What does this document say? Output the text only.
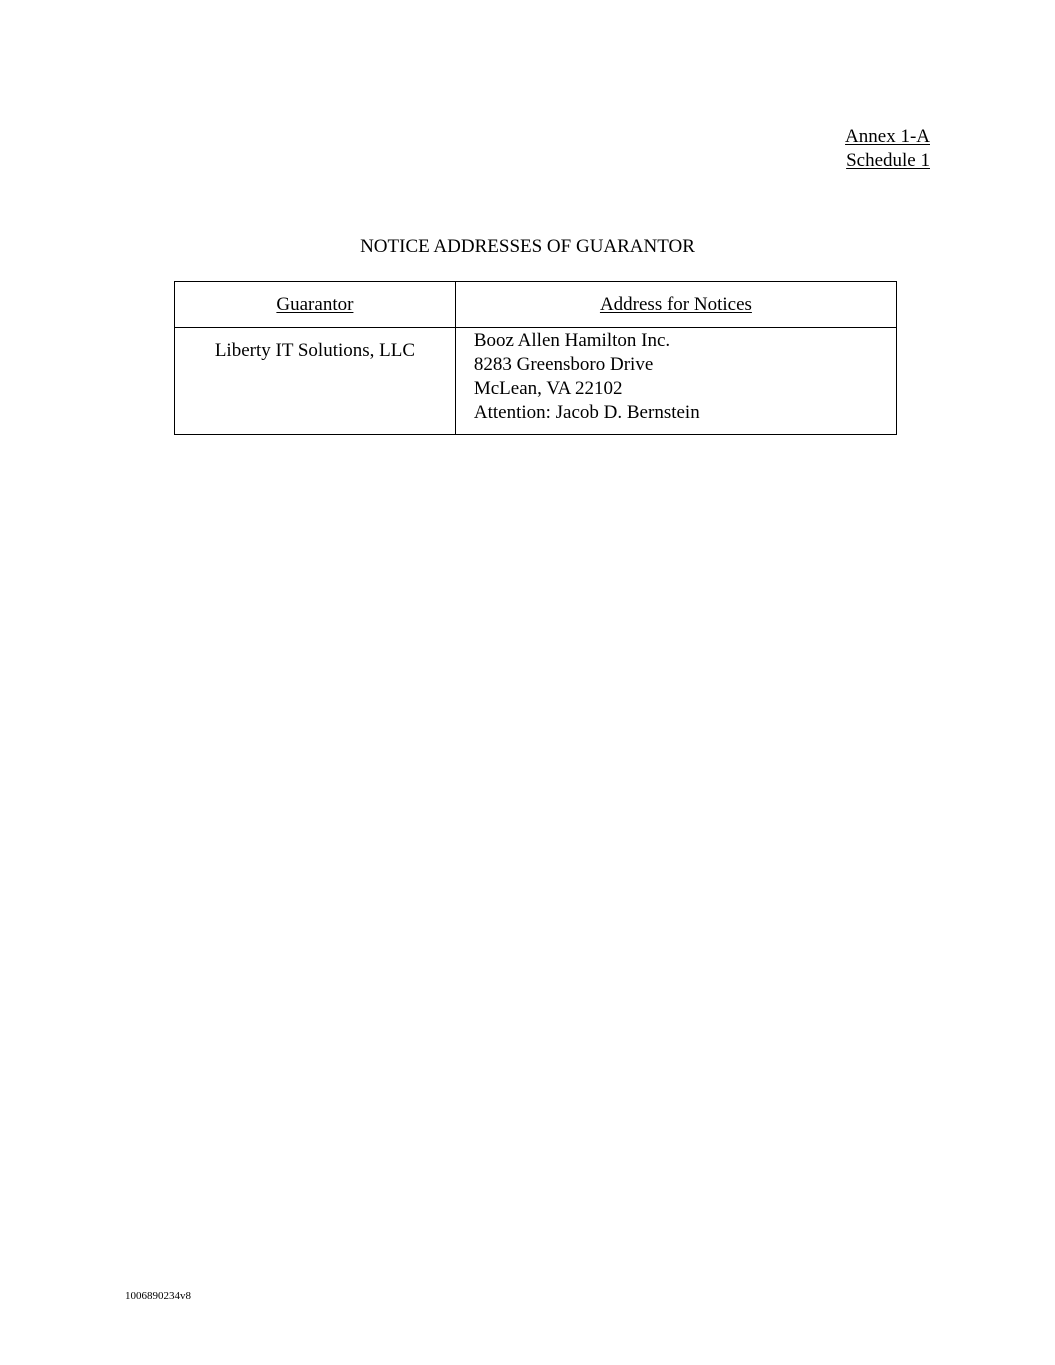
Annex 1-A
Schedule 1
NOTICE ADDRESSES OF GUARANTOR
Guarantor	Address for Notices
Liberty IT Solutions, LLC	Booz Allen Hamilton Inc.
8283 Greensboro Drive
McLean, VA 22102
Attention: Jacob D. Bernstein
1006890234v8
